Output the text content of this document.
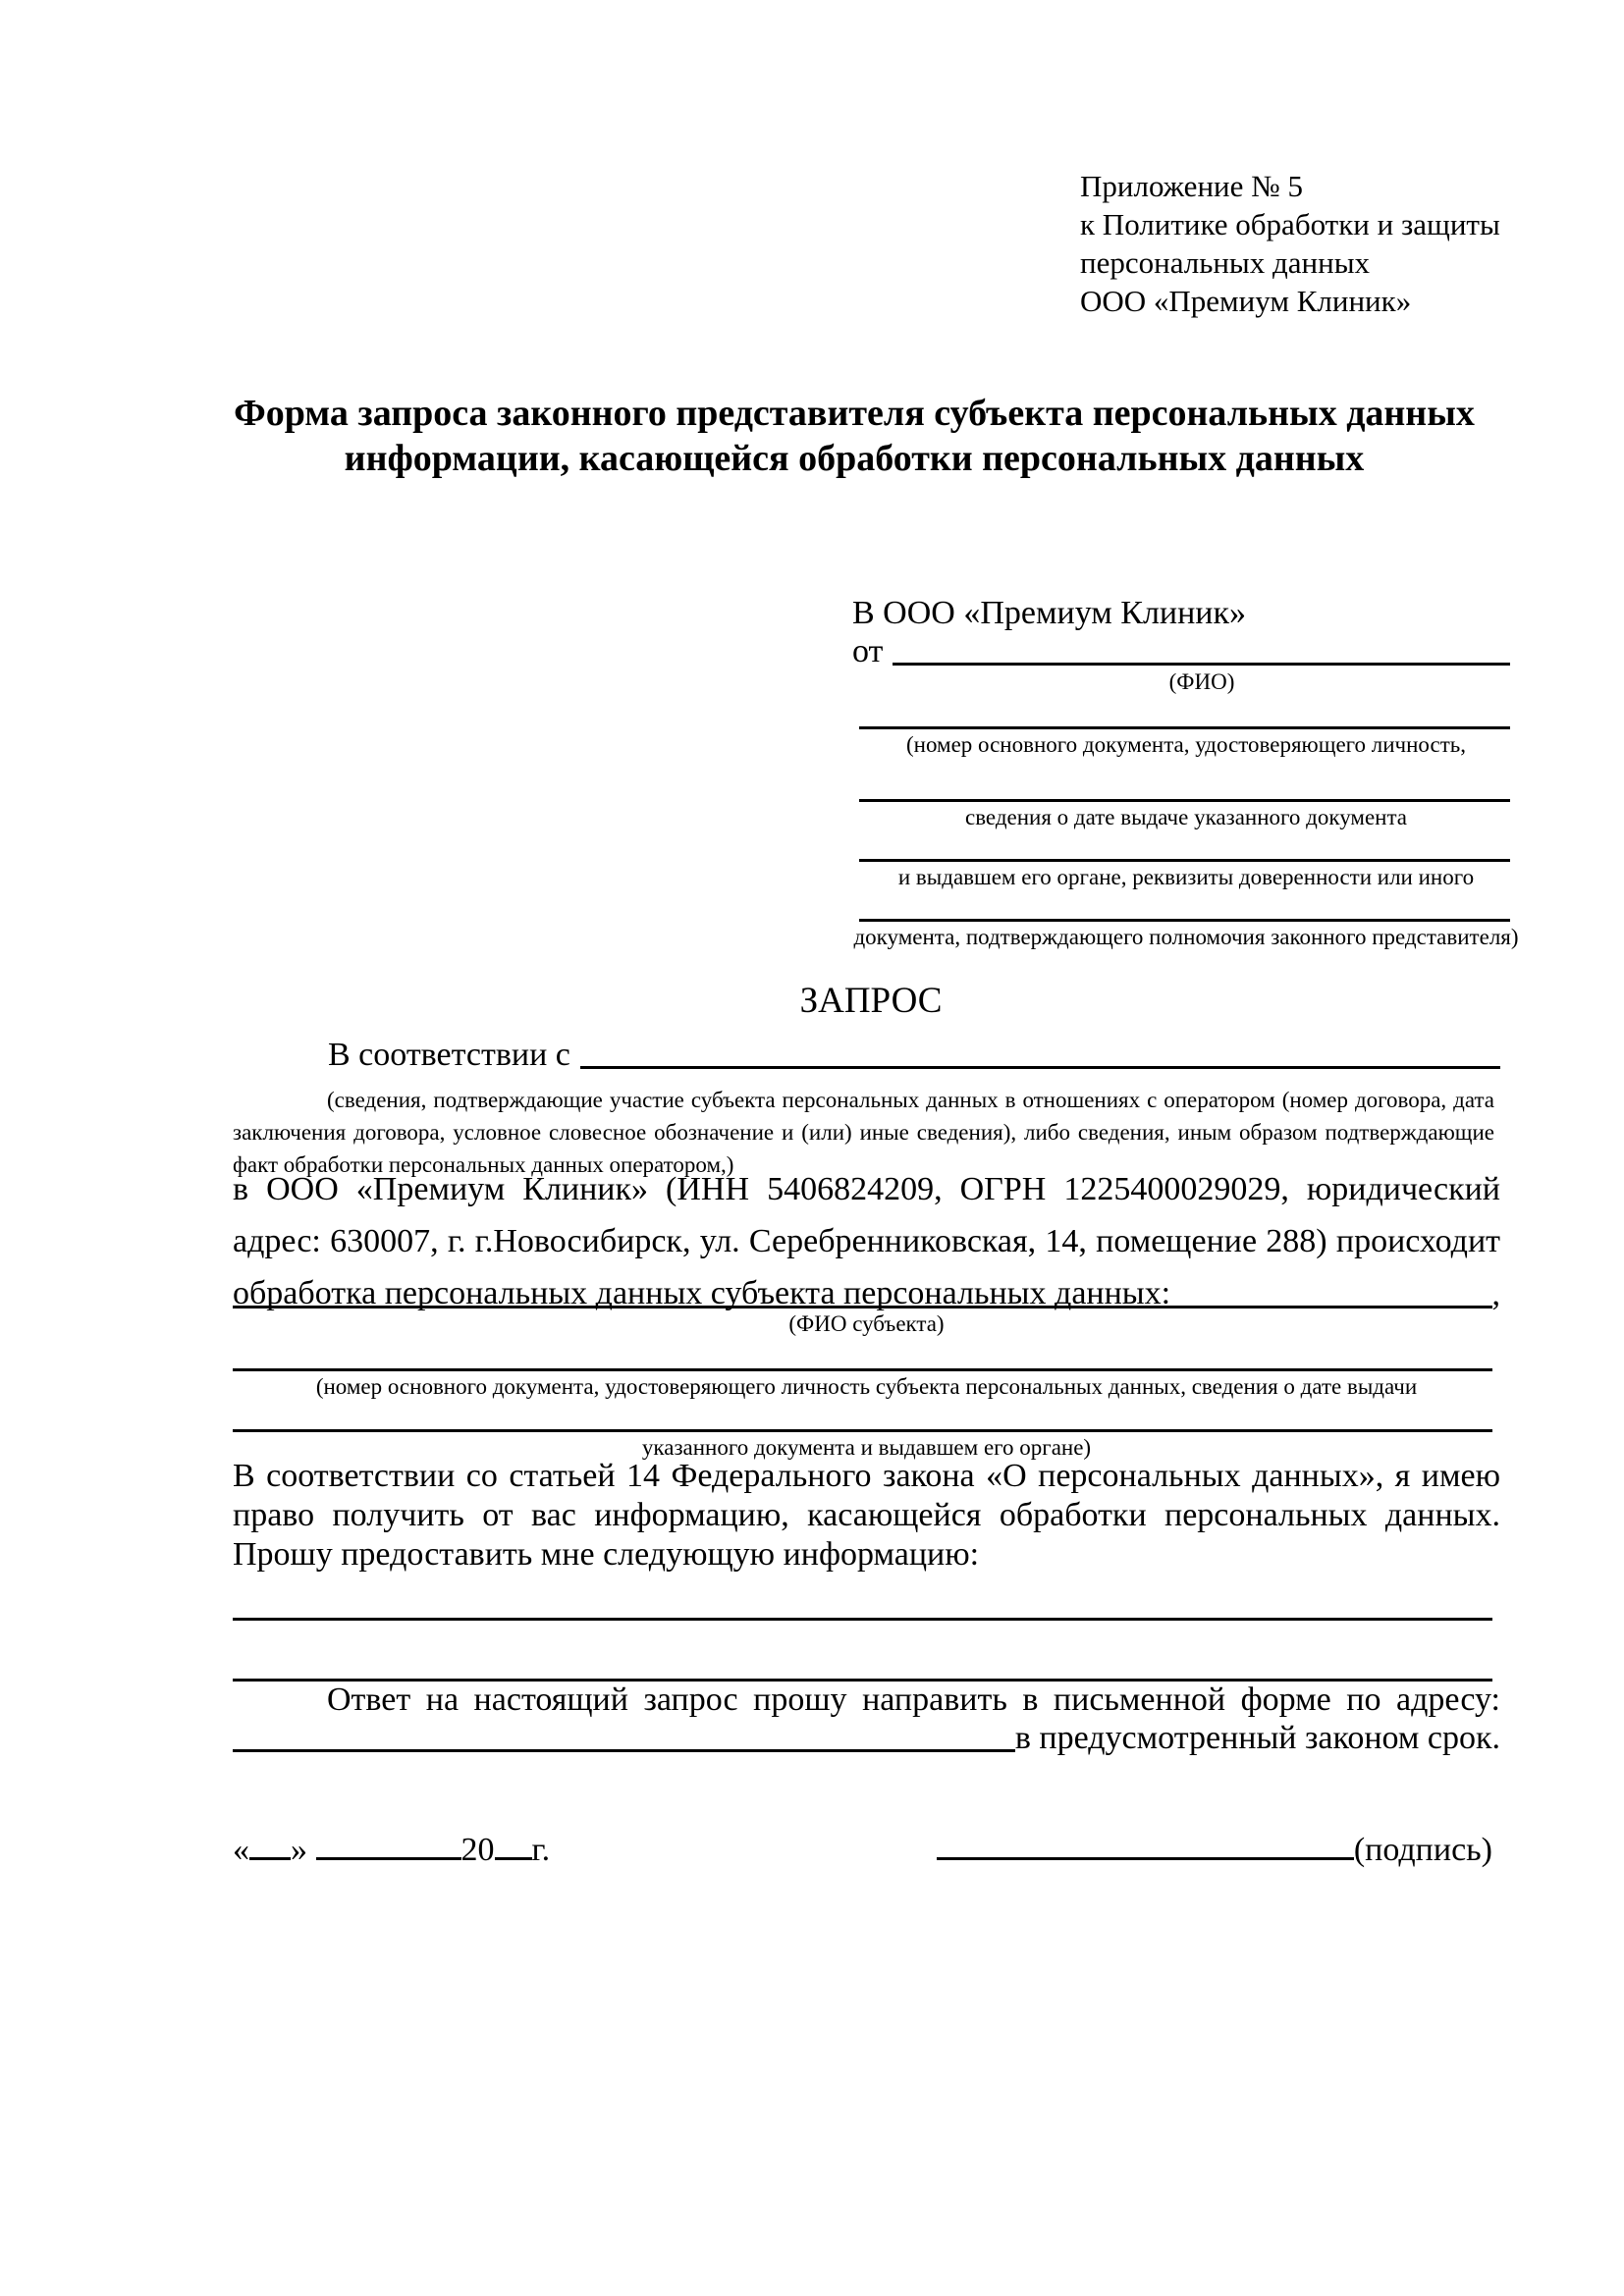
Приложение № 5
к Политике обработки и защиты
персональных данных
ООО «Премиум Клиник»
Форма запроса законного представителя субъекта персональных данных
информации, касающейся обработки персональных данных
В ООО «Премиум Клиник»
от
(ФИО)
(номер основного документа, удостоверяющего личность,
сведения о дате выдаче указанного документа
и выдавшем его органе, реквизиты доверенности или иного
документа, подтверждающего полномочия законного представителя)
ЗАПРОС
В соответствии с
(сведения, подтверждающие участие субъекта персональных данных в отношениях с оператором (номер договора, дата заключения договора, условное словесное обозначение и (или) иные сведения), либо сведения, иным образом подтверждающие факт обработки персональных данных оператором,)
в ООО «Премиум Клиник» (ИНН 5406824209, ОГРН 1225400029029, юридический адрес: 630007, г. г.Новосибирск, ул. Серебренниковская, 14, помещение 288) происходит обработка персональных данных субъекта персональных данных:	,
(ФИО субъекта)
(номер основного документа, удостоверяющего личность субъекта персональных данных, сведения о дате выдачи
указанного документа и выдавшем его органе)
В соответствии со статьей 14 Федерального закона «О персональных данных», я имею право получить от вас информацию, касающейся обработки персональных данных. Прошу предоставить мне следующую информацию:
Ответ на настоящий запрос прошу направить в письменной форме по адресу:
в предусмотренный законом срок.
« »	20 г.	(подпись)
